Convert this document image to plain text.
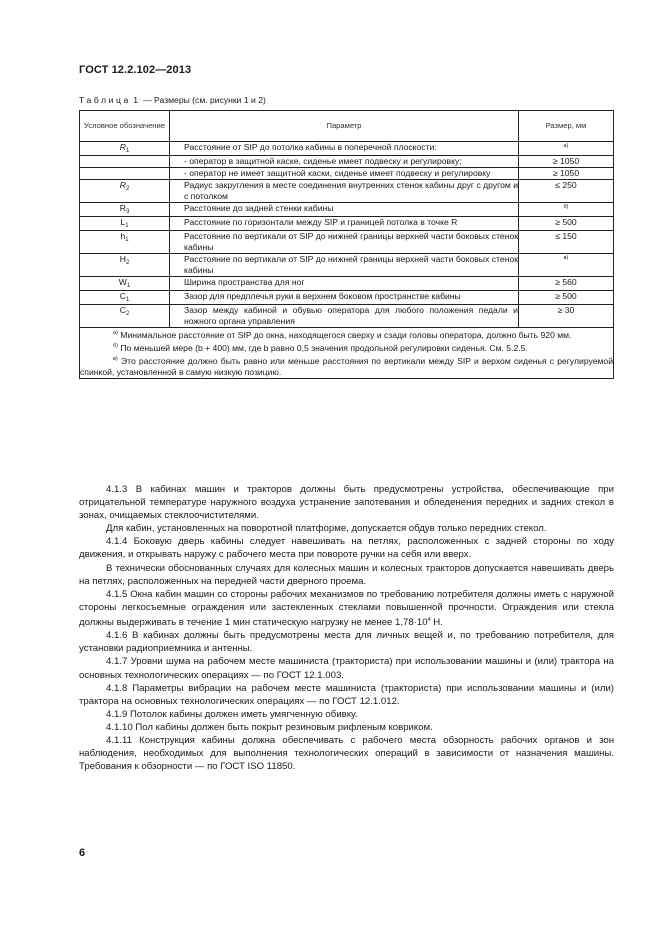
ГОСТ 12.2.102—2013
Таблица 1 — Размеры (см. рисунки 1 и 2)
Условное обозначение	Параметр	Размер, мм
$R_1$	Расстояние от SIP до потолка кабины в поперечной плоскости:	$^{а)}$

	- оператор в защитной каске, сиденье имеет подвеску и регулировку;	≥ 1050

	- оператор не имеет защитной каски, сиденье имеет подвеску и регулировку	≥ 1050
$R_2$	Радиус закругления в месте соединения внутренних стенок кабины друг с другом и с потолком	≤ 250
$R_3$	Расстояние до задней стенки кабины	$^{б)}$
$L_1$	Расстояние по горизонтали между SIP и границей потолка в точке R	≥ 500
$h_1$	Расстояние по вертикали от SIP до нижней границы верхней части боковых стенок кабины	≤ 150
$H_2$	Расстояние по вертикали от SIP до нижней границы верхней части боковых стенок кабины	$^{в)}$
$W_1$	Ширина пространства для ног	≥ 560
$C_1$	Зазор для предплечья руки в верхнем боковом пространстве кабины	≥ 500
$C_2$	Зазор между кабиной и обувью оператора для любого положения педали и ножного органа управления	≥ 30

$^{а)}$ Минимальное расстояние от SIP до окна, находящегося сверху и сзади головы оператора, должно быть 920 мм.

$^{б)}$ По меньшей мере (b + 400) мм, где b равно 0,5 значения продольной регулировки сиденья. См. 5.2.5.

$^{в)}$ Это расстояние должно быть равно или меньше расстояния по вертикали между SIP и верхом сиденья с регулируемой спинкой, установленной в самую низкую позицию.		

4.1.3 В кабинах машин и тракторов должны быть предусмотрены устройства, обеспечивающие при отрицательной температуре наружного воздуха устранение запотевания и обледенения передних и задних стекол в зонах, очищаемых стеклоочистителями.

Для кабин, установленных на поворотной платформе, допускается обдув только передних стекол.

4.1.4 Боковую дверь кабины следует навешивать на петлях, расположенных с задней стороны по ходу движения, и открывать наружу с рабочего места при повороте ручки на себя или вверх.

В технически обоснованных случаях для колесных машин и колесных тракторов допускается навешивать дверь на петлях, расположенных на передней части дверного проема.

4.1.5 Окна кабин машин со стороны рабочих механизмов по требованию потребителя должны иметь с наружной стороны легкосъемные ограждения или застекленных стеклами повышенной прочности. Ограждения или стекла должны выдерживать в течение 1 мин статическую нагрузку не менее $1,78\cdot 10^4$ Н.

4.1.6 В кабинах должны быть предусмотрены места для личных вещей и, по требованию потребителя, для установки радиоприемника и антенны.

4.1.7 Уровни шума на рабочем месте машиниста (тракториста) при использовании машины и (или) трактора на основных технологических операциях — по ГОСТ 12.1.003.

4.1.8 Параметры вибрации на рабочем месте машиниста (тракториста) при использовании машины и (или) трактора на основных технологических операциях — по ГОСТ 12.1.012.

4.1.9 Потолок кабины должен иметь умягченную обивку.

4.1.10 Пол кабины должен быть покрыт резиновым рифленым ковриком.

4.1.11 Конструкция кабины должна обеспечивать с рабочего места обзорность рабочих органов и зон наблюдения, необходимых для выполнения технологических операций в зависимости от назначения машины. Требования к обзорности — по ГОСТ ISO 11850.

6
